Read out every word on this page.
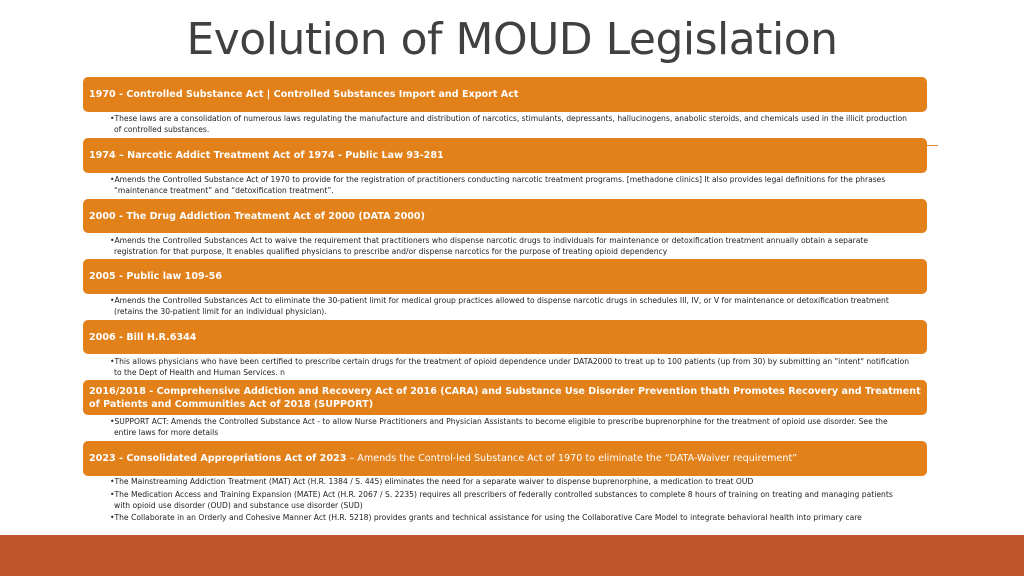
Evolution of MOUD Legislation
1970 - Controlled Substance Act | Controlled Substances Import and Export Act
•These laws are a consolidation of numerous laws regulating the manufacture and distribution of narcotics, stimulants, depressants, hallucinogens, anabolic steroids, and chemicals used in the illicit production of controlled substances.
1974 – Narcotic Addict Treatment Act of 1974 - Public Law 93-281
•Amends the Controlled Substance Act of 1970 to provide for the registration of practitioners conducting narcotic treatment programs. [methadone clinics] It also provides legal definitions for the phrases “maintenance treatment” and “detoxification treatment”.
2000 - The Drug Addiction Treatment Act of 2000 (DATA 2000)
•Amends the Controlled Substances Act to waive the requirement that practitioners who dispense narcotic drugs to individuals for maintenance or detoxification treatment annually obtain a separate registration for that purpose, It enables qualified physicians to prescribe and/or dispense narcotics for the purpose of treating opioid dependency
2005 - Public law 109-56
•Amends the Controlled Substances Act to eliminate the 30-patient limit for medical group practices allowed to dispense narcotic drugs in schedules III, IV, or V for maintenance or detoxification treatment (retains the 30-patient limit for an individual physician).
2006 - Bill H.R.6344
•This allows physicians who have been certified to prescribe certain drugs for the treatment of opioid dependence under DATA2000 to treat up to 100 patients (up from 30) by submitting an "intent" notification to the Dept of Health and Human Services. n
2016/2018 - Comprehensive Addiction and Recovery Act of 2016 (CARA) and Substance Use Disorder Prevention thath Promotes Recovery and Treatment of Patients and Communities Act of 2018 (SUPPORT)
•SUPPORT ACT: Amends the Controlled Substance Act - to allow Nurse Practitioners and Physician Assistants to become eligible to prescribe buprenorphine for the treatment of opioid use disorder. See the entire laws for more details
2023 - Consolidated Appropriations Act of 2023 – Amends the Control-led Substance Act of 1970 to eliminate the “DATA-Waiver requirement”
•The Mainstreaming Addiction Treatment (MAT) Act (H.R. 1384 / S. 445) eliminates the need for a separate waiver to dispense buprenorphine, a medication to treat OUD
•The Medication Access and Training Expansion (MATE) Act (H.R. 2067 / S. 2235) requires all prescribers of federally controlled substances to complete 8 hours of training on treating and managing patients with opioid use disorder (OUD) and substance use disorder (SUD)
•The Collaborate in an Orderly and Cohesive Manner Act (H.R. 5218) provides grants and technical assistance for using the Collaborative Care Model to integrate behavioral health into primary care
